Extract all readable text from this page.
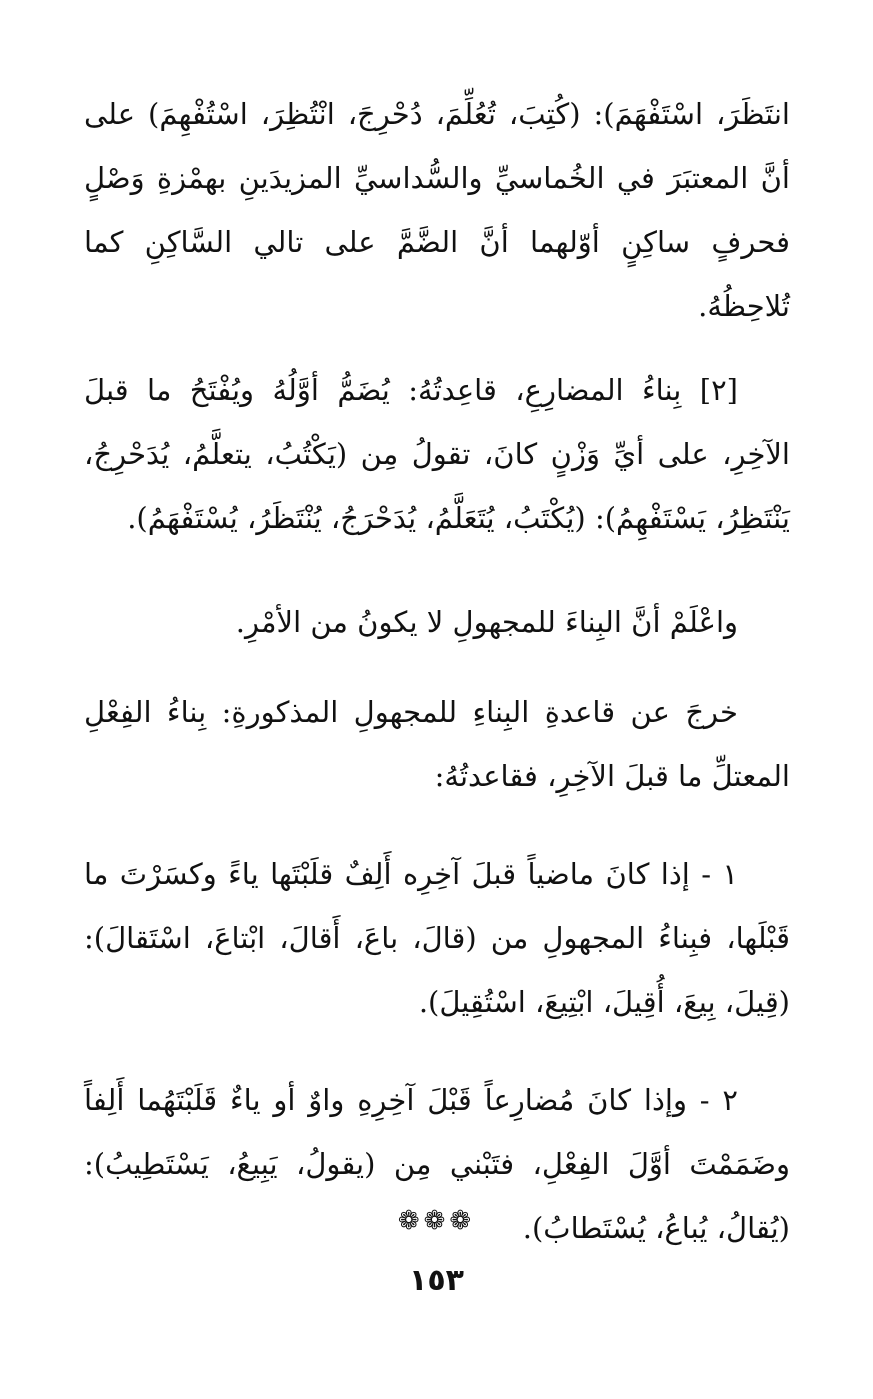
انتَظَرَ، اسْتَفْهَمَ): (كُتِبَ، تُعُلِّمَ، دُحْرِجَ، انْتُظِرَ، اسْتُفْهِمَ) على أنَّ المعتبَرَ في الخُماسيِّ والسُّداسيِّ المزيدَينِ بهمْزةِ وَصْلٍ فحرفٍ ساكِنٍ أوّلهما أنَّ الضَّمَّ على تالي السَّاكِنِ كما تُلاحِظُهُ.

[٢] بِناءُ المضارِعِ، قاعِدتُهُ: يُضَمُّ أوَّلُهُ ويُفْتَحُ ما قبلَ الآخِرِ، على أيِّ وَزْنٍ كانَ، تقولُ مِن (يَكْتُبُ، يتعلَّمُ، يُدَحْرِجُ، يَنْتَظِرُ، يَسْتَفْهِمُ): (يُكْتَبُ، يُتَعَلَّمُ، يُدَحْرَجُ، يُنْتَظَرُ، يُسْتَفْهَمُ).

واعْلَمْ أنَّ البِناءَ للمجهولِ لا يكونُ من الأمْرِ.

خرجَ عن قاعدةِ البِناءِ للمجهولِ المذكورةِ: بِناءُ الفِعْلِ المعتلِّ ما قبلَ الآخِرِ، فقاعدتُهُ:

١ - إذا كانَ ماضياً قبلَ آخِرِه أَلِفٌ قلَبْتَها ياءً وكسَرْتَ ما قَبْلَها، فبِناءُ المجهولِ من (قالَ، باعَ، أَقالَ، ابْتاعَ، اسْتَقالَ): (قِيلَ، بِيعَ، أُقِيلَ، ابْتِيعَ، اسْتُقِيلَ).

٢ - وإذا كانَ مُضارِعاً قَبْلَ آخِرِهِ واوٌ أو ياءٌ قَلَبْتَهُما أَلِفاً وضَمَمْتَ أوَّلَ الفِعْلِ، فتَبْني مِن (يقولُ، يَبِيعُ، يَسْتَطِيبُ): (يُقالُ، يُباعُ، يُسْتَطابُ).

❁❁❁
١٥٣
